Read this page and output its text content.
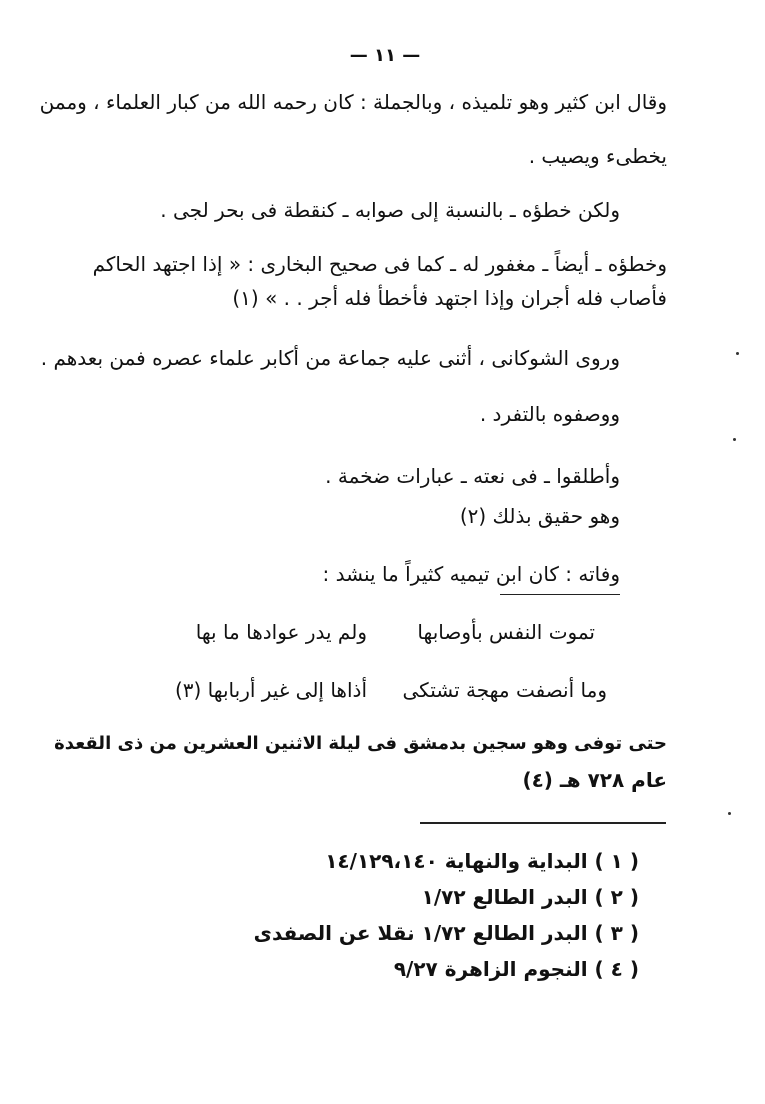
— ١١ —
وقال ابن كثير وهو تلميذه ، وبالجملة : كان رحمه الله من كبار العلماء ، وممن
يخطىء ويصيب .
ولكن خطؤه ـ بالنسبة إلى صوابه ـ كنقطة فى بحر لجى .
وخطؤه ـ أيضاً ـ مغفور له ـ كما فى صحيح البخارى : « إذا اجتهد الحاكم
فأصاب فله أجران وإذا اجتهد فأخطأ فله أجر . . » (١)
وروى الشوكانى ، أثنى عليه جماعة من أكابر علماء عصره فمن بعدهم .
ووصفوه بالتفرد .
وأطلقوا ـ فى نعته ـ عبارات ضخمة .
وهو حقيق بذلك (٢)
وفاته : كان ابن تيميه كثيراً ما ينشد :
تموت النفس بأوصابها
ولم يدر عوادها ما بها
وما أنصفت مهجة تشتكى
أذاها إلى غير أربابها (٣)
حتى توفى وهو سجين بدمشق فى ليلة الاثنين العشرين من ذى القعدة
عام ٧٢٨ هـ (٤)
( ١ ) البداية والنهاية ١٤/١٢٩،١٤٠
( ٢ ) البدر الطالع ١/٧٢
( ٣ ) البدر الطالع ١/٧٢ نقلا عن الصفدى
( ٤ ) النجوم الزاهرة ٩/٢٧
